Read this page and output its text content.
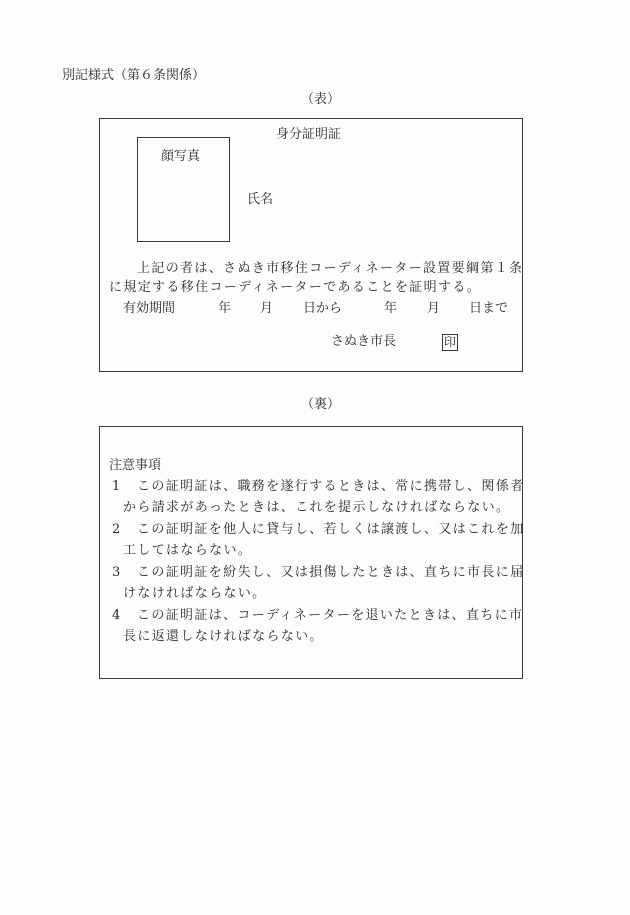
別記様式（第６条関係）
（表）
身分証明証
顔写真
氏名
上記の者は、さぬき市移住コーディネーター設置要綱第１条
に規定する移住コーディネーターであることを証明する。
有効期間	年 月 日から	年 月 日まで
さぬき市長	印
（裏）
注意事項
1 この証明証は、職務を遂行するときは、常に携帯し、関係者
から請求があったときは、これを提示しなければならない。
2 この証明証を他人に貸与し、若しくは譲渡し、又はこれを加
工してはならない。
3 この証明証を紛失し、又は損傷したときは、直ちに市長に届
けなければならない。
4 この証明証は、コーディネーターを退いたときは、直ちに市
長に返還しなければならない。
